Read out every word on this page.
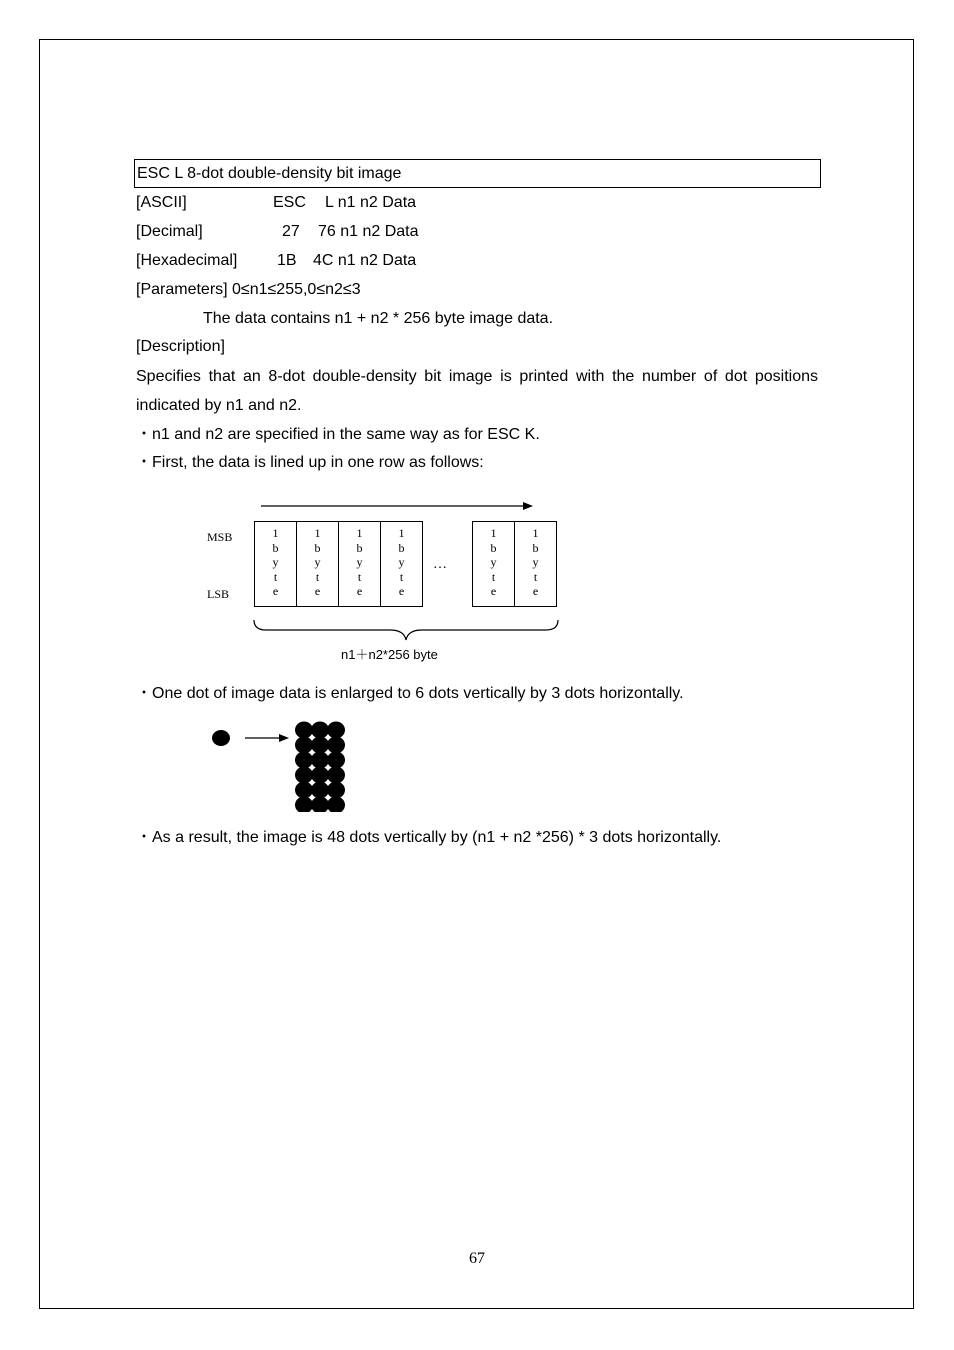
ESC L 8-dot double-density bit image
[ASCII]	ESC L n1 n2 Data
[Decimal]	27 76 n1 n2 Data
[Hexadecimal] 1B 4C n1 n2 Data
[Parameters] 0≤n1≤255,0≤n2≤3
The data contains n1 + n2 * 256 byte image data.
[Description]
Specifies that an 8-dot double-density bit image is printed with the number of dot positions indicated by n1 and n2.
・n1 and n2 are specified in the same way as for ESC K.
・First, the data is lined up in one row as follows:
MSB
LSB
1
b
y
t
e
1
b
y
t
e
1
b
y
t
e
1
b
y
t
e
…
1
b
y
t
e
1
b
y
t
e
n1＋n2*256 byte
・One dot of image data is enlarged to 6 dots vertically by 3 dots horizontally.
・As a result, the image is 48 dots vertically by (n1 + n2 *256) * 3 dots horizontally.
67
